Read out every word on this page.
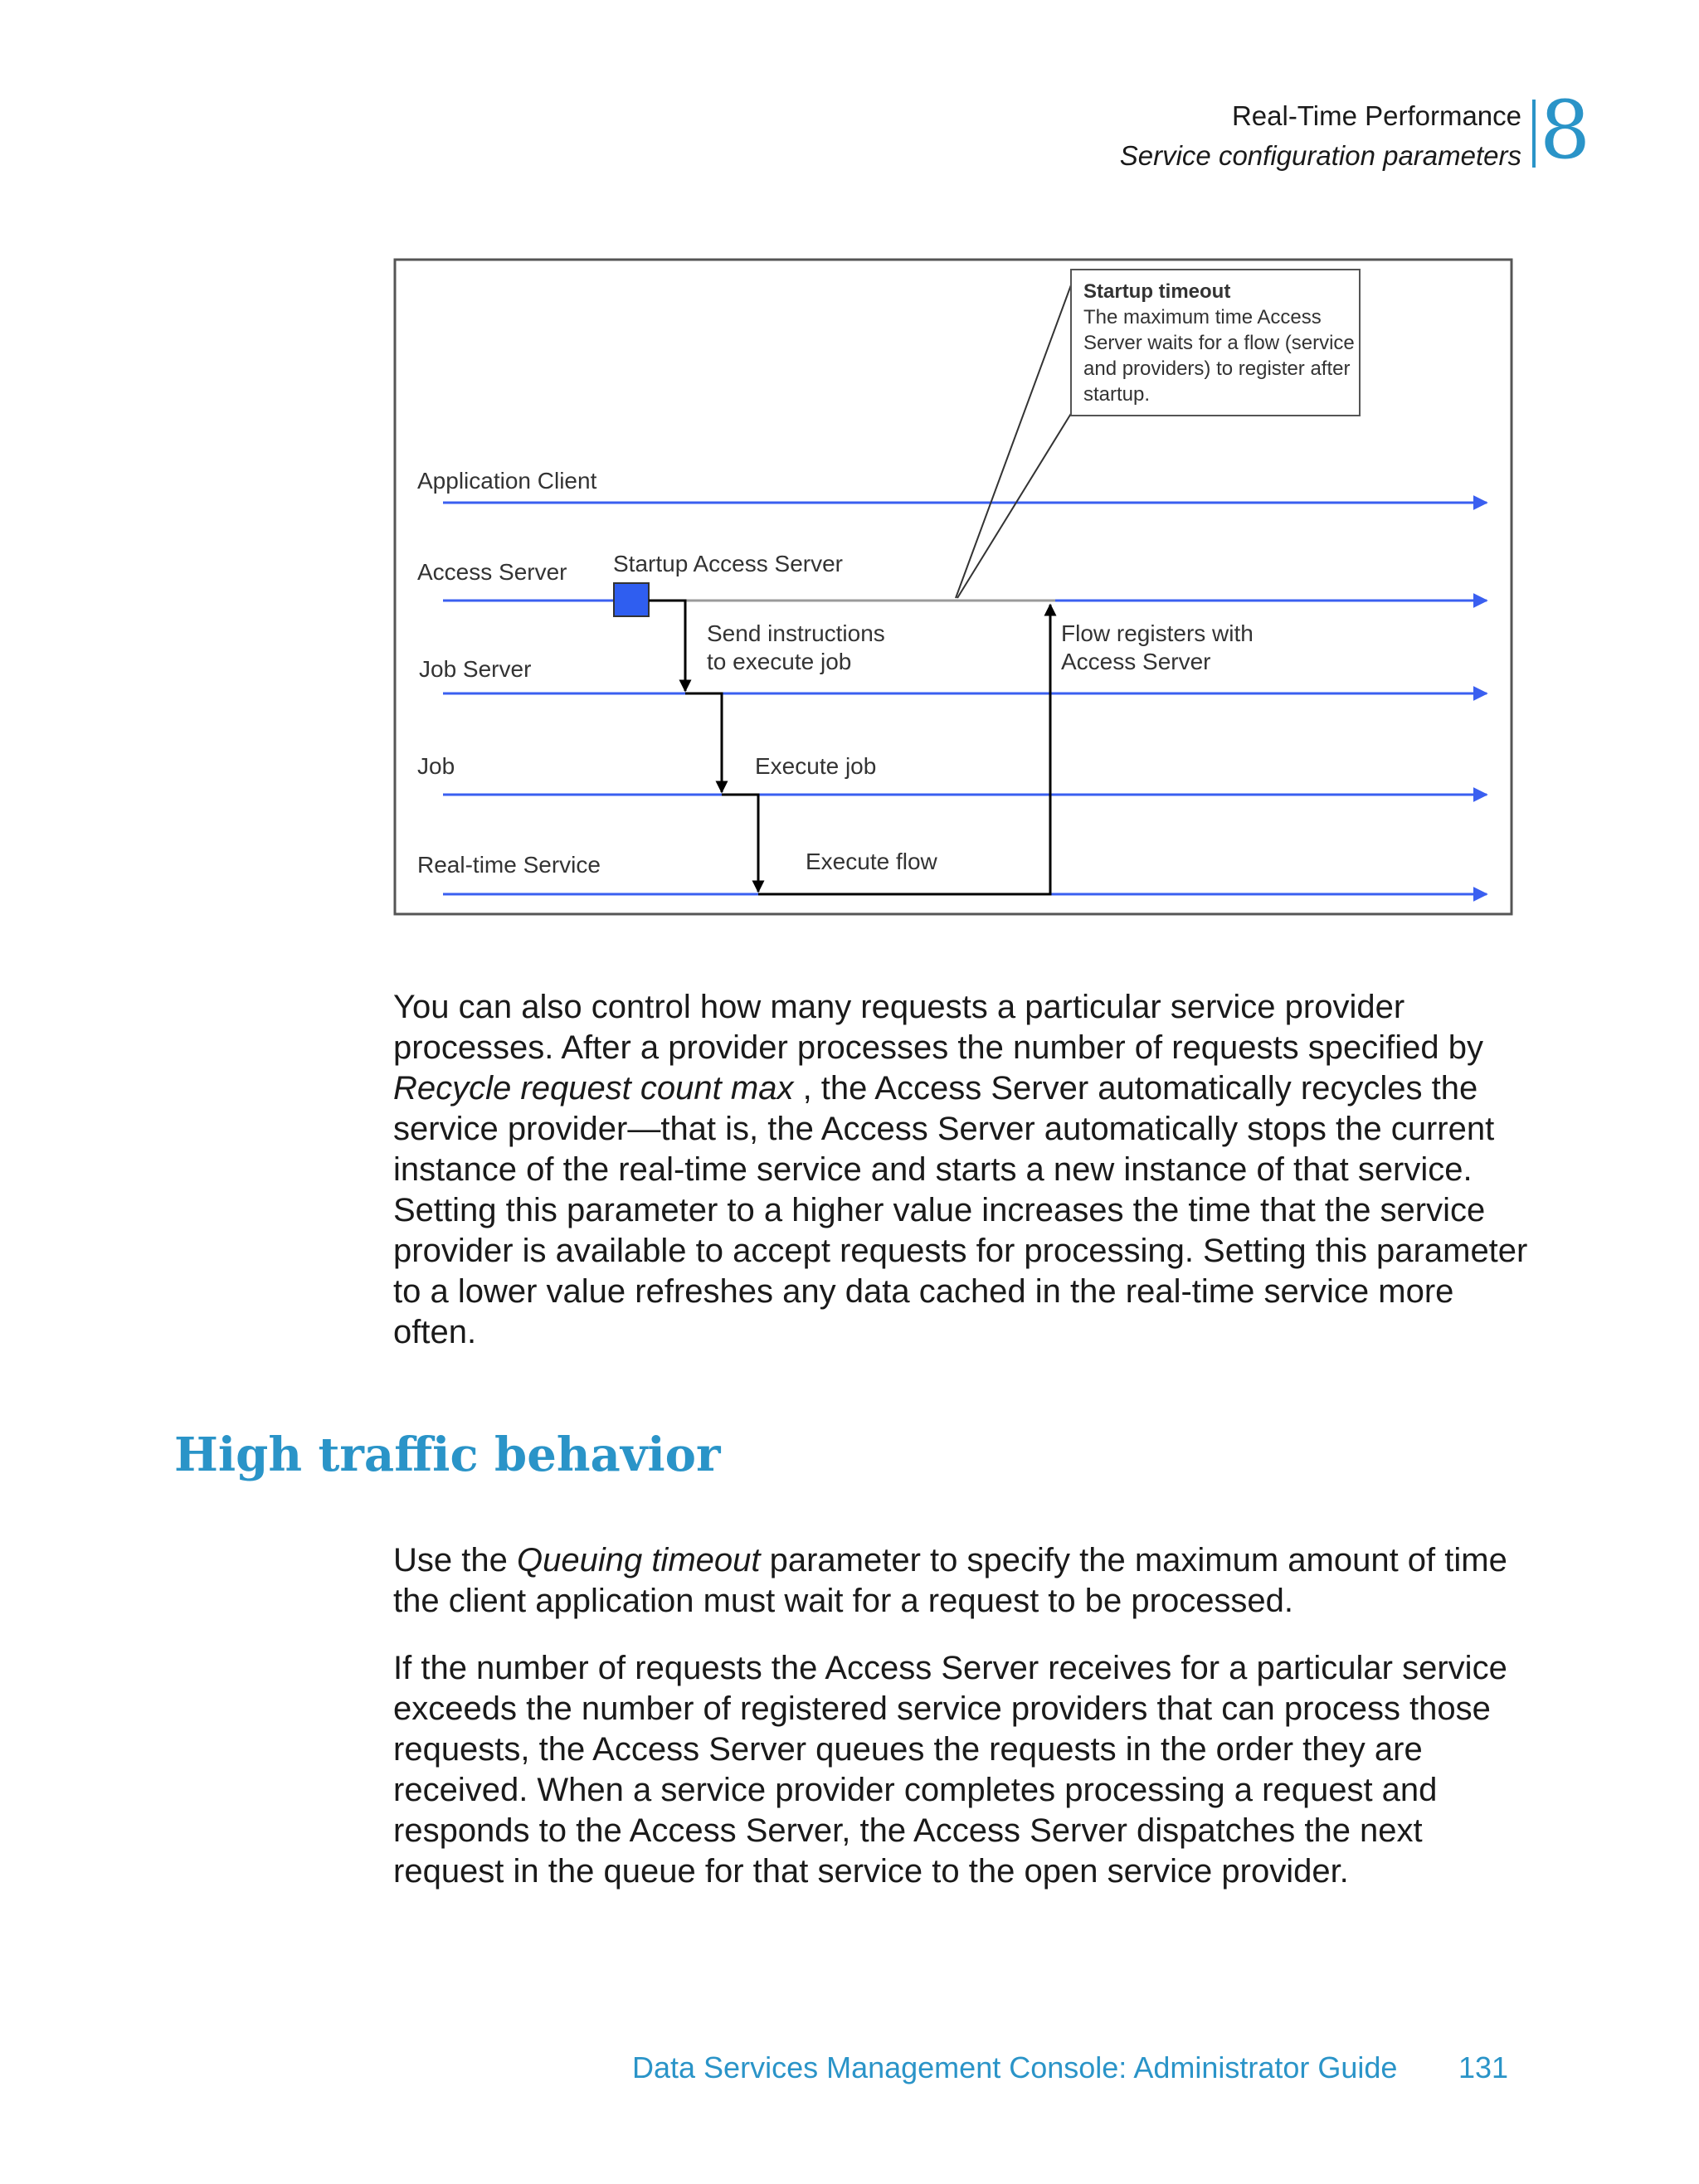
Real-Time Performance
Service configuration parameters 8
Application Client
Access Server
Job Server
Job
Real-time Service
Startup Access Server
Send instructions
to execute job
Execute job
Execute flow
Flow registers with
Access Server
Startup timeout
The maximum time Access
Server waits for a flow (service
and providers) to register after
startup.
You can also control how many requests a particular service provider
processes. After a provider processes the number of requests specified by
Recycle request count max , the Access Server automatically recycles the
service provider—that is, the Access Server automatically stops the current
instance of the real-time service and starts a new instance of that service.
Setting this parameter to a higher value increases the time that the service
provider is available to accept requests for processing. Setting this parameter
to a lower value refreshes any data cached in the real-time service more
often.
High traffic behavior
Use the Queuing timeout parameter to specify the maximum amount of time
the client application must wait for a request to be processed.
If the number of requests the Access Server receives for a particular service
exceeds the number of registered service providers that can process those
requests, the Access Server queues the requests in the order they are
received. When a service provider completes processing a request and
responds to the Access Server, the Access Server dispatches the next
request in the queue for that service to the open service provider.
Data Services Management Console: Administrator Guide 131
